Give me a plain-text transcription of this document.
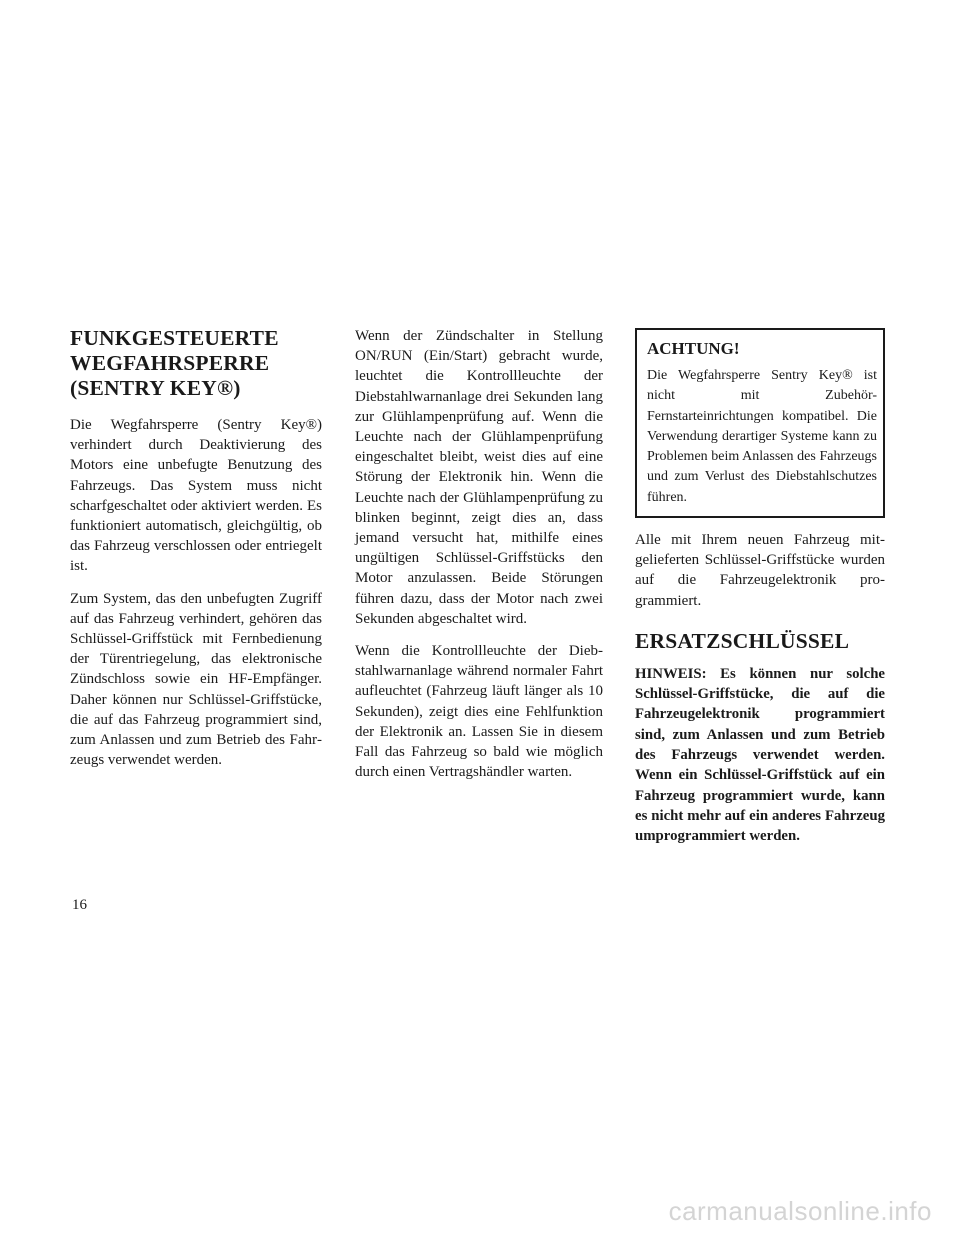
FUNKGESTEUERTE WEGFAHRSPERRE (SENTRY KEY®)

Die Wegfahrsperre (Sentry Key®) verhindert durch Deaktivierung des Motors eine unbefugte Benutzung des Fahrzeugs. Das System muss nicht scharfgeschaltet oder aktiviert werden. Es funktioniert automatisch, gleichgültig, ob das Fahrzeug verschlossen oder entriegelt ist.

Zum System, das den unbefugten Zugriff auf das Fahrzeug verhindert, gehören das Schlüssel-Griffstück mit Fernbedienung der Türentriegelung, das elektronische Zündschloss sowie ein HF-Empfänger. Daher können nur Schlüssel-Griffstücke, die auf das Fahrzeug programmiert sind, zum Anlassen und zum Betrieb des Fahrzeugs verwendet werden.

Wenn der Zündschalter in Stellung ON/RUN (Ein/Start) gebracht wurde, leuchtet die Kontrollleuchte der Diebstahlwarnanlage drei Sekunden lang zur Glühlampenprüfung auf. Wenn die Leuchte nach der Glühlampenprüfung eingeschaltet bleibt, weist dies auf eine Störung der Elektronik hin. Wenn die Leuchte nach der Glühlampenprüfung zu blinken beginnt, zeigt dies an, dass jemand versucht hat, mithilfe eines ungültigen Schlüssel-Griffstücks den Motor anzulassen. Beide Störungen führen dazu, dass der Motor nach zwei Sekunden abgeschaltet wird.

Wenn die Kontrollleuchte der Diebstahlwarnanlage während normaler Fahrt aufleuchtet (Fahrzeug läuft länger als 10 Sekunden), zeigt dies eine Fehlfunktion der Elektronik an. Lassen Sie in diesem Fall das Fahrzeug so bald wie möglich durch einen Vertragshändler warten.

ACHTUNG!

Die Wegfahrsperre Sentry Key® ist nicht mit Zubehör-Fernstarteinrichtungen kompatibel. Die Verwendung derartiger Systeme kann zu Problemen beim Anlassen des Fahrzeugs und zum Verlust des Diebstahlschutzes führen.

Alle mit Ihrem neuen Fahrzeug mitgelieferten Schlüssel-Griffstücke wurden auf die Fahrzeugelektronik programmiert.

ERSATZSCHLÜSSEL

HINWEIS: Es können nur solche Schlüssel-Griffstücke, die auf die Fahrzeugelektronik programmiert sind, zum Anlassen und zum Betrieb des Fahrzeugs verwendet werden. Wenn ein Schlüssel-Griffstück auf ein Fahrzeug programmiert wurde, kann es nicht mehr auf ein anderes Fahrzeug umprogrammiert werden.

16
carmanualsonline.info
